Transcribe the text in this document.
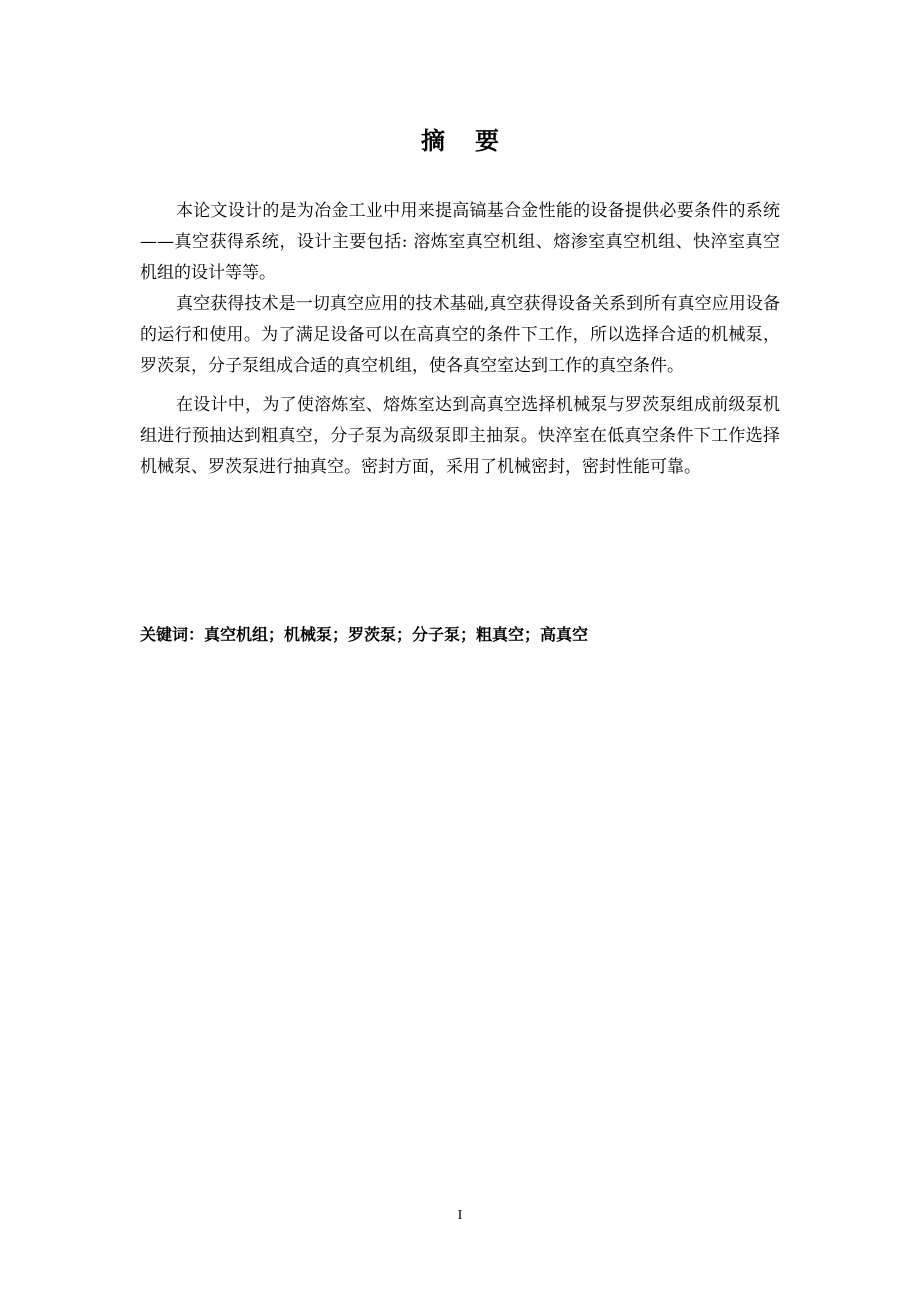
摘要

本论文设计的是为冶金工业中用来提高镐基合金性能的设备提供必要条件的系统——真空获得系统，设计主要包括: 溶炼室真空机组、熔渗室真空机组、快淬室真空机组的设计等等。

真空获得技术是一切真空应用的技术基础,真空获得设备关系到所有真空应用设备的运行和使用。为了满足设备可以在高真空的条件下工作，所以选择合适的机械泵，罗茨泵，分子泵组成合适的真空机组，使各真空室达到工作的真空条件。

在设计中，为了使溶炼室、熔炼室达到高真空选择机械泵与罗茨泵组成前级泵机组进行预抽达到粗真空，分子泵为高级泵即主抽泵。快淬室在低真空条件下工作选择机械泵、罗茨泵进行抽真空。密封方面，采用了机械密封，密封性能可靠。

关键词：真空机组；机械泵；罗茨泵；分子泵；粗真空；高真空
I
